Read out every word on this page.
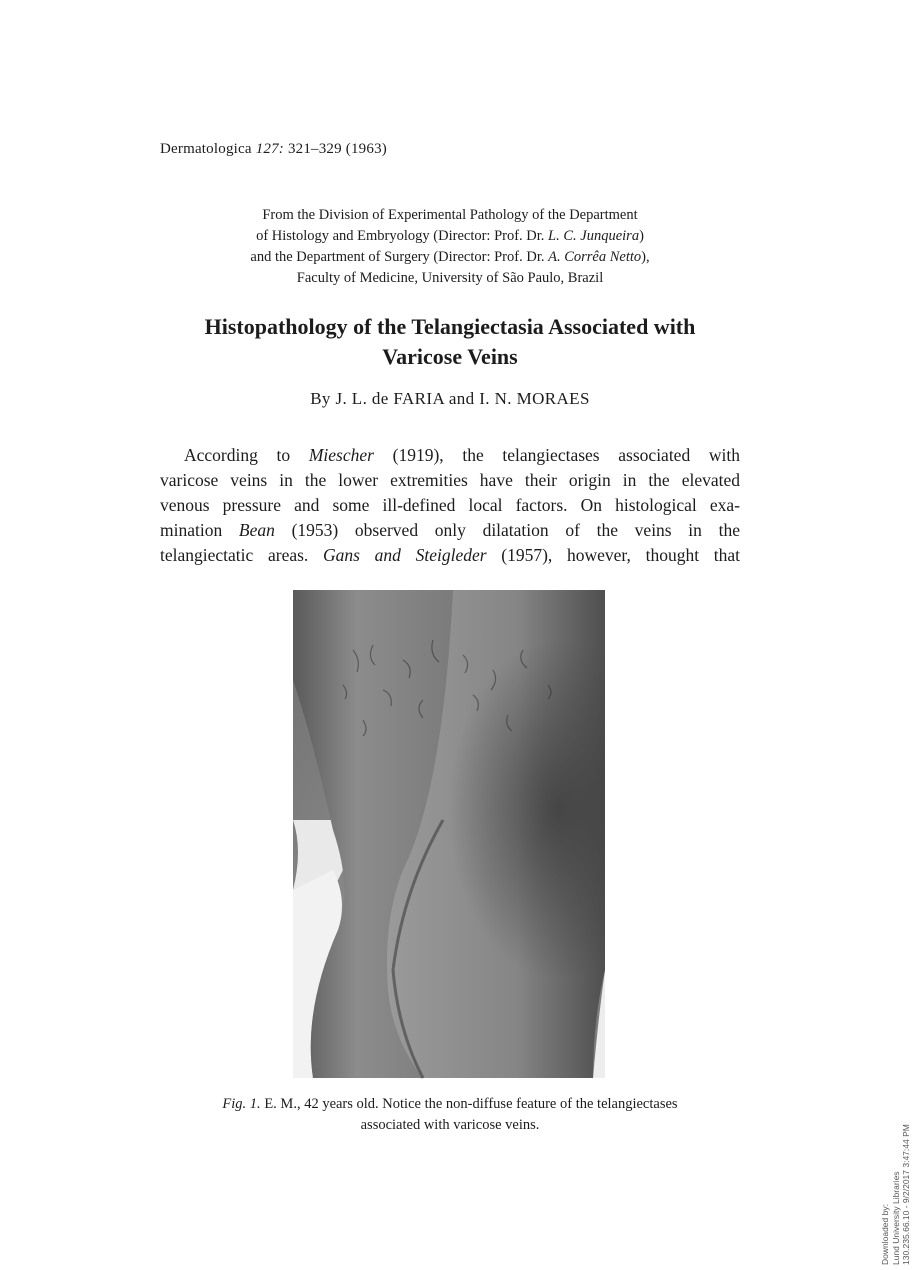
Dermatologica 127: 321–329 (1963)
From the Division of Experimental Pathology of the Department
of Histology and Embryology (Director: Prof. Dr. L. C. Junqueira)
and the Department of Surgery (Director: Prof. Dr. A. Corrêa Netto),
Faculty of Medicine, University of São Paulo, Brazil
Histopathology of the Telangiectasia Associated with
Varicose Veins
By J. L. de FARIA and I. N. MORAES
According to Miescher (1919), the telangiectases associated with
varicose veins in the lower extremities have their origin in the elevated
venous pressure and some ill-defined local factors. On histological exa-
mination Bean (1953) observed only dilatation of the veins in the
telangiectatic areas. Gans and Steigleder (1957), however, thought that
Fig. 1. E. M., 42 years old. Notice the non-diffuse feature of the telangiectases
associated with varicose veins.
Downloaded by: Lund University Libraries 130.235.66.10 - 9/2/2017 3:47:44 PM
